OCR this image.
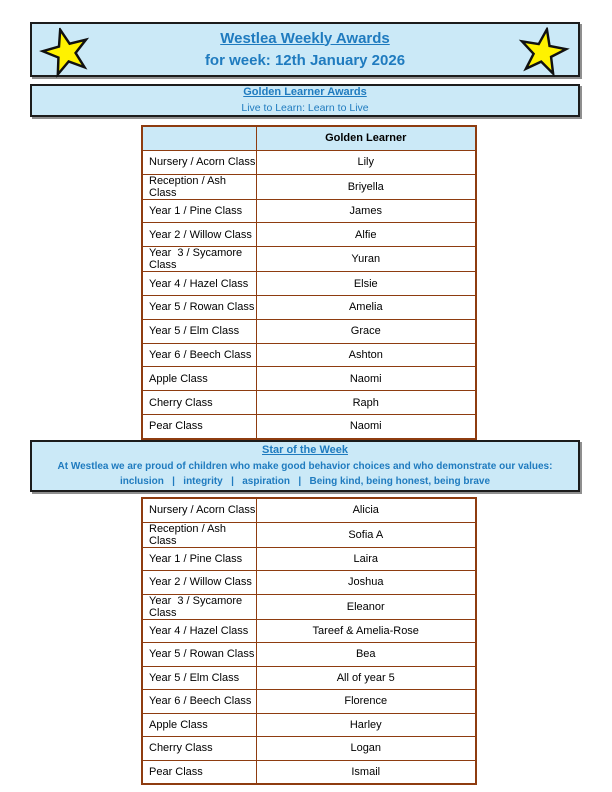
Westlea Weekly Awards
for week: 12th January 2026
Golden Learner Awards
Live to Learn: Learn to Live
	Golden Learner
Nursery / Acorn Class	Lily
Reception / Ash Class	Briyella
Year 1 / Pine Class	James
Year 2 / Willow Class	Alfie
Year  3 / Sycamore Class	Yuran
Year 4 / Hazel Class	Elsie
Year 5 / Rowan Class	Amelia
Year 5 / Elm Class	Grace
Year 6 / Beech Class	Ashton
Apple Class	Naomi
Cherry Class	Raph
Pear Class	Naomi
Star of the Week
At Westlea we are proud of children who make good behavior choices and who demonstrate our values:
inclusion   |   integrity   |   aspiration   |   Being kind, being honest, being brave
Nursery / Acorn Class	Alicia
Reception / Ash Class	Sofia A
Year 1 / Pine Class	Laira
Year 2 / Willow Class	Joshua
Year  3 / Sycamore Class	Eleanor
Year 4 / Hazel Class	Tareef & Amelia-Rose
Year 5 / Rowan Class	Bea
Year 5 / Elm Class	All of year 5
Year 6 / Beech Class	Florence
Apple Class	Harley
Cherry Class	Logan
Pear Class	Ismail
